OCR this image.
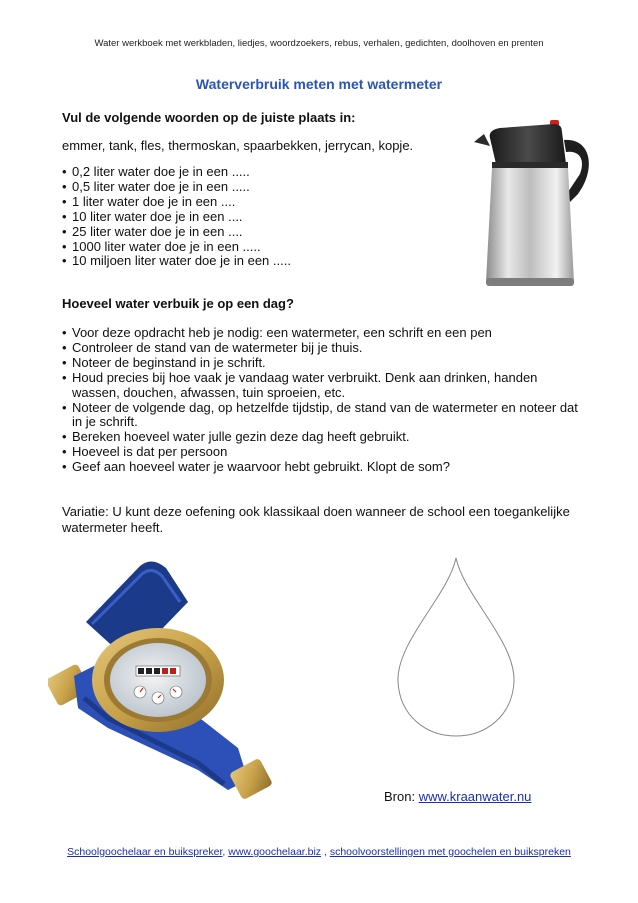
Water werkboek met werkbladen, liedjes, woordzoekers, rebus, verhalen, gedichten, doolhoven en prenten
Waterverbruik meten met watermeter
Vul de volgende woorden op de juiste plaats in:
emmer, tank, fles, thermoskan, spaarbekken, jerrycan, kopje.
• 0,2 liter water doe je in een .....
• 0,5 liter water doe je in een .....
• 1 liter water doe je in een ....
• 10 liter water doe je in een ....
• 25 liter water doe je in een ....
• 1000 liter water doe je in een .....
• 10 miljoen liter water doe je in een .....
Hoeveel water verbuik je op een dag?
• Voor deze opdracht heb je nodig: een watermeter, een schrift en een pen
• Controleer de stand van de watermeter bij je thuis.
• Noteer de beginstand in je schrift.
• Houd precies bij hoe vaak je vandaag water verbruikt. Denk aan drinken, handen wassen, douchen, afwassen, tuin sproeien, etc.
• Noteer de volgende dag, op hetzelfde tijdstip, de stand van de watermeter en noteer dat in je schrift.
• Bereken hoeveel water julle gezin deze dag heeft gebruikt.
• Hoeveel is dat per persoon
• Geef aan hoeveel water je waarvoor hebt gebruikt. Klopt de som?
Variatie: U kunt deze oefening ook klassikaal doen wanneer de school een toegankelijke watermeter heeft.
Bron: www.kraanwater.nu
Schoolgoochelaar en buikspreker, www.goochelaar.biz , schoolvoorstellingen met goochelen en buikspreken
